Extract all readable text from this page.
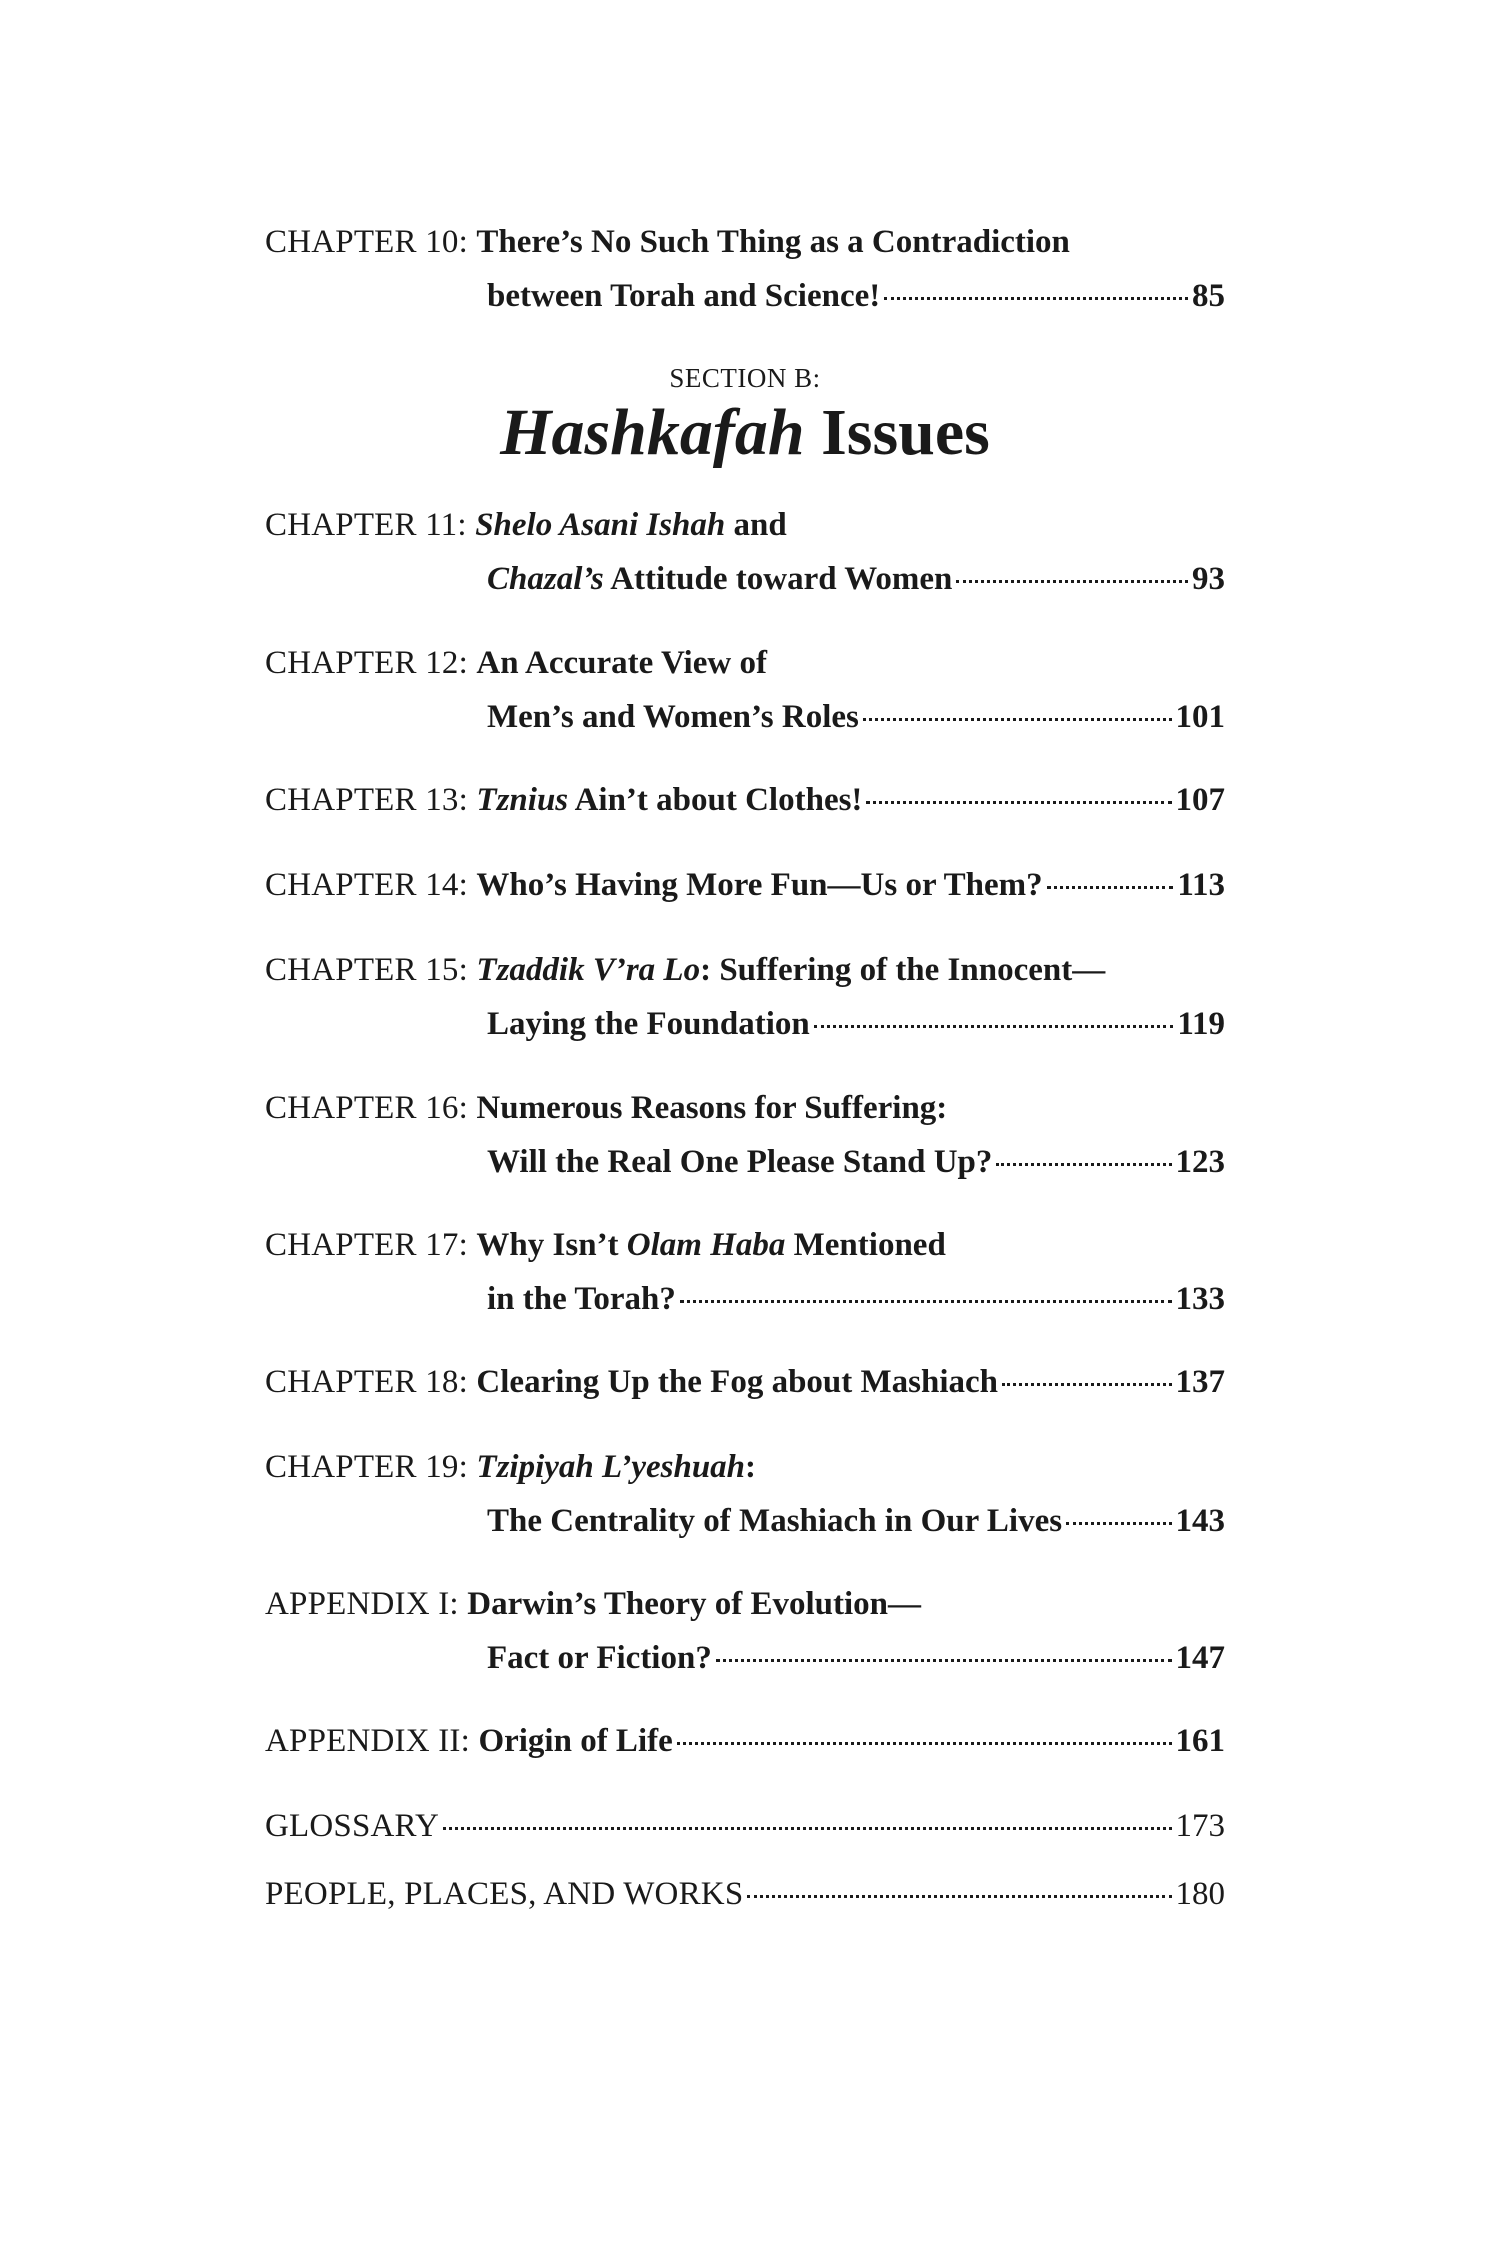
CHAPTER 10: There’s No Such Thing as a Contradiction
between Torah and Science!	85
SECTION B:
Hashkafah Issues
CHAPTER 11: Shelo Asani Ishah and
Chazal’s Attitude toward Women	93
CHAPTER 12: An Accurate View of
Men’s and Women’s Roles	101
CHAPTER 13: Tznius Ain’t about Clothes!	107
CHAPTER 14: Who’s Having More Fun—Us or Them?	113
CHAPTER 15: Tzaddik V’ra Lo: Suffering of the Innocent—
Laying the Foundation	119
CHAPTER 16: Numerous Reasons for Suffering:
Will the Real One Please Stand Up?	123
CHAPTER 17: Why Isn’t Olam Haba Mentioned
in the Torah?	133
CHAPTER 18: Clearing Up the Fog about Mashiach	137
CHAPTER 19: Tzipiyah L’yeshuah:
The Centrality of Mashiach in Our Lives	143
APPENDIX I: Darwin’s Theory of Evolution—
Fact or Fiction?	147
APPENDIX II: Origin of Life	161
GLOSSARY	173
PEOPLE, PLACES, AND WORKS	180
